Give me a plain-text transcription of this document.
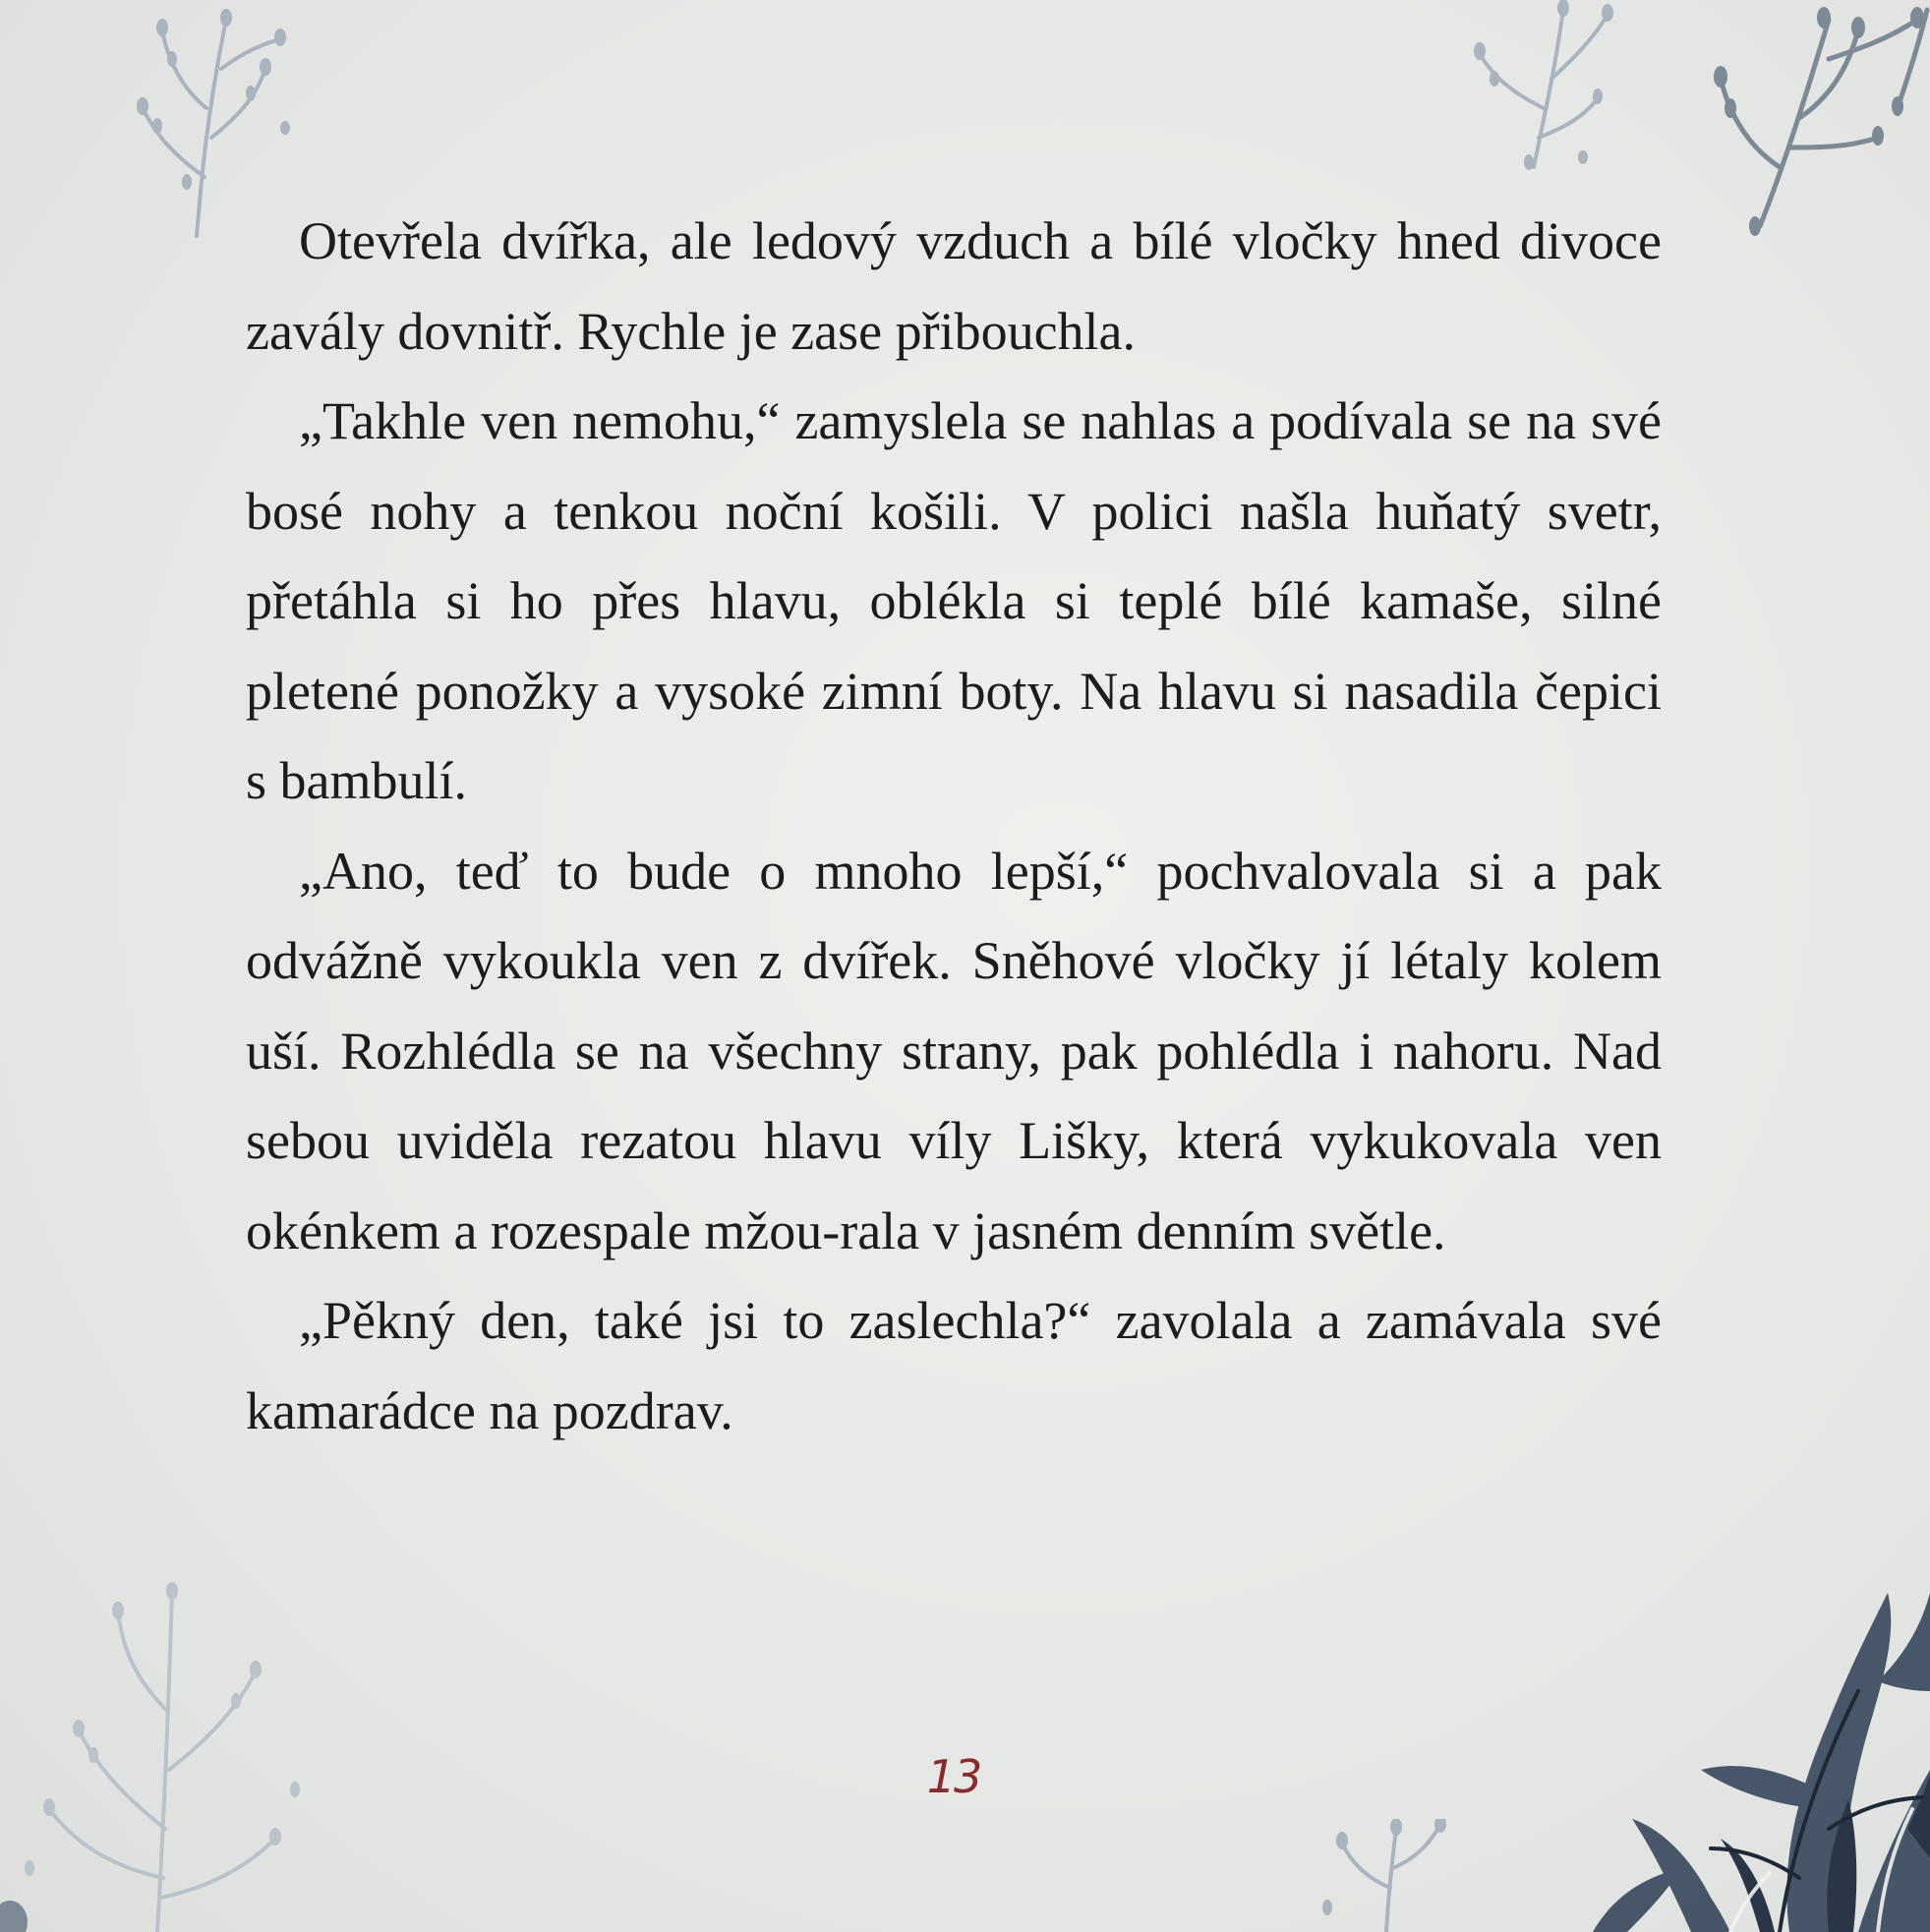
Otevřela dvířka, ale ledový vzduch a bílé vločky hned divoce zavály dovnitř. Rychle je zase přibouchla.

„Takhle ven nemohu,“ zamyslela se nahlas a podívala se na své bosé nohy a tenkou noční košili. V polici našla huňatý svetr, přetáhla si ho přes hlavu, oblékla si teplé bílé kamaše, silné pletené ponožky a vysoké zimní boty. Na hlavu si nasadila čepici s bambulí.

„Ano, teď to bude o mnoho lepší,“ pochvalovala si a pak odvážně vykoukla ven z dvířek. Sněhové vločky jí létaly kolem uší. Rozhlédla se na všechny strany, pak pohlédla i nahoru. Nad sebou uviděla rezatou hlavu víly Lišky, která vykukovala ven okénkem a rozespale mžou-rala v jasném denním světle.

„Pěkný den, také jsi to zaslechla?“ zavolala a zamávala své kamarádce na pozdrav.

13
